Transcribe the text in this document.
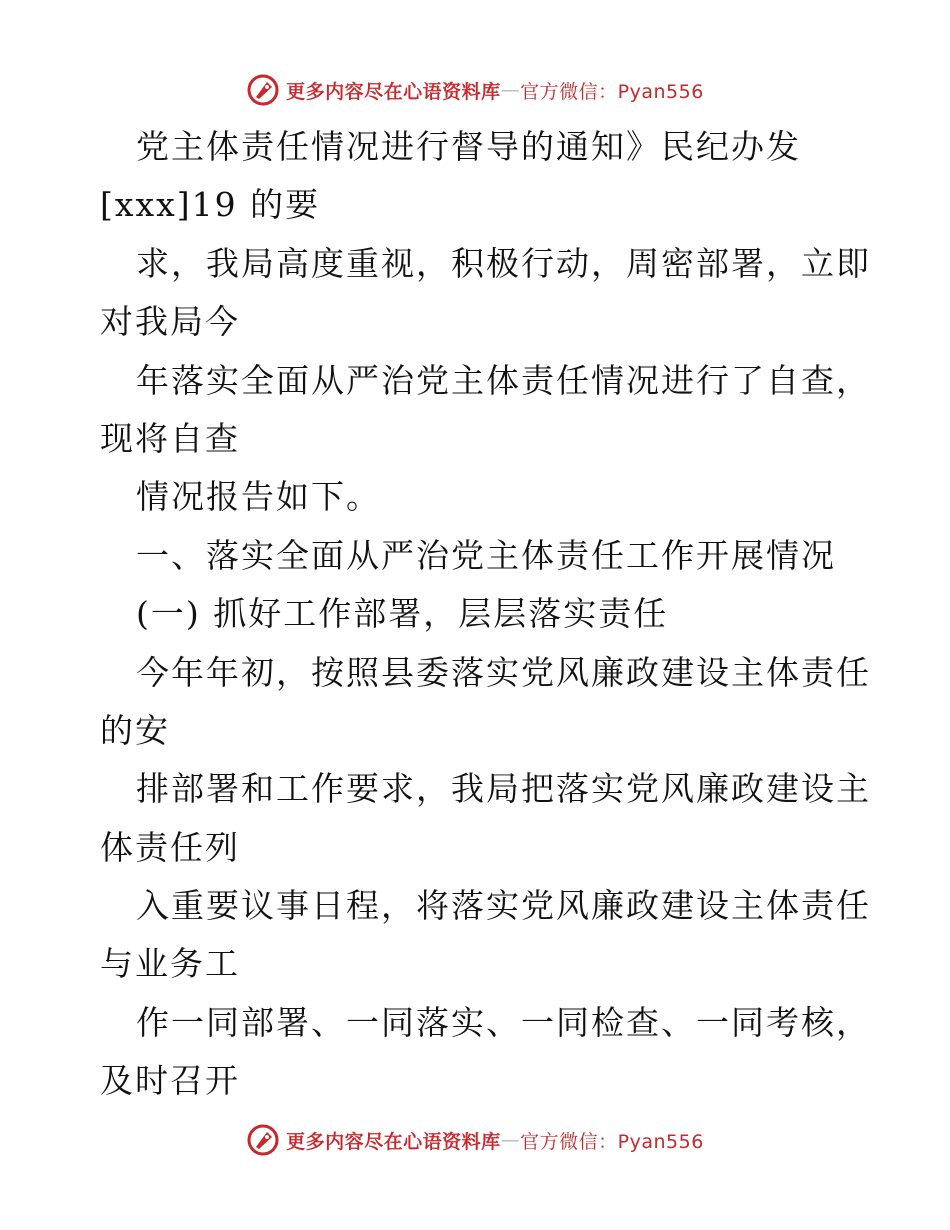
更多内容尽在心语资料库 — 官方微信：Pyan556
党主体责任情况进行督导的通知》民纪办发
[xxx]19 的要
求，我局高度重视，积极行动，周密部署，立即
对我局今
年落实全面从严治党主体责任情况进行了自查，
现将自查
情况报告如下。
一、落实全面从严治党主体责任工作开展情况
(一) 抓好工作部署，层层落实责任
今年年初，按照县委落实党风廉政建设主体责任
的安
排部署和工作要求，我局把落实党风廉政建设主
体责任列
入重要议事日程，将落实党风廉政建设主体责任
与业务工
作一同部署、一同落实、一同检查、一同考核，
及时召开
更多内容尽在心语资料库 — 官方微信：Pyan556
